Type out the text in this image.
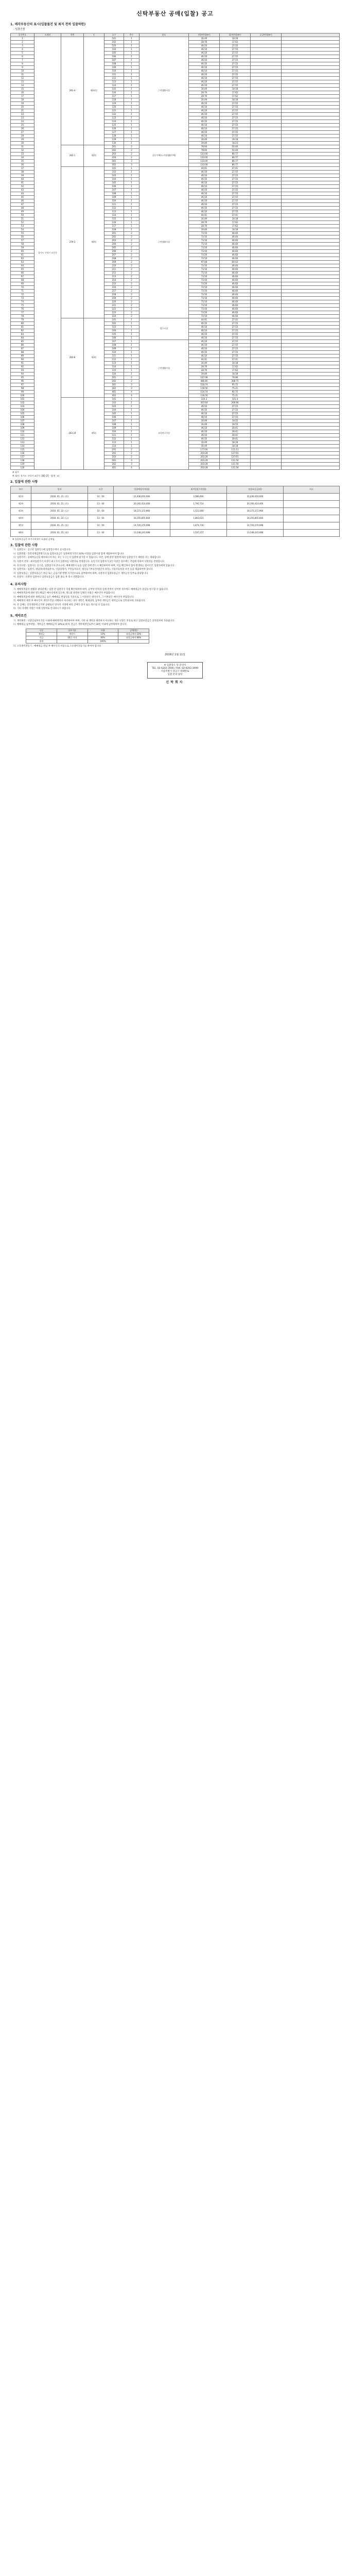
신탁부동산 공매(입찰) 공고
1. 매각부동산의 표시(입찰물건 및 최저 전차 입찰하한)
- 입찰건물
물건번호	소재지	지번	동	호수	층수	용도	전용면적(m²)	대지면적(m²)	공급면적(m²)	
1	경기도 구리시 교문동	281-4	제4외동	101	1	근린생활시설	30.49	18.18		
2				102	1		28.76	17.62		
3				103	1		46.50	27.55		
4				104	1		46.50	27.55		
5				105	1		46.50	27.55		
6				106	1		46.50	27.55		
7				107	1		46.50	27.55		
8				108	1		46.50	27.55		
9				109	1		46.50	27.55		
10				110	1		46.50	27.55		
11				111	1		46.50	27.55		
12				112	1		46.50	27.55		
13				113	1		46.50	27.55		
14				114	1		46.50	27.55		
15				115	1		30.49	18.18		
16				116	1		28.76	17.62		
17				117	1		28.76	17.62		
18				118	1		30.49	18.18		
19				119	1		46.50	27.55		
20				120	1		46.50	27.55		
21				121	1		46.50	27.55		
22				122	1		46.50	27.55		
23				123	1		46.50	27.55		
24				124	1		46.50	27.55		
25				125	1		46.50	27.55		
26				126	1		46.50	27.55		
27				127	1		46.50	27.55		
28				128	1		46.50	27.55		
29				129	1		30.49	18.18		
30				130	1		30.49	18.23		
31		282-1	제2동	201	2	공동주택(도시형생활주택)	78.00	50.40		
32				202	2		78.00	50.40		
33				203	2		133.00	86.77		
34				204	2		133.00	86.77		
35				301	3		133.00	86.77		
36				302	3		133.00	86.77		
37		279-3	제4동	101	1	근린생활시설	44.91	27.01		
38				102	1		46.50	27.55		
39				103	1		46.50	27.55		
40				104	1		46.50	27.55		
41				105	1		46.50	27.55		
42				106	1		46.50	27.55		
43				107	1		46.50	27.55		
44				108	1		46.50	27.55		
45				109	1		46.50	27.55		
46				110	1		46.50	27.55		
47				111	1		46.50	27.55		
48				112	1		46.50	27.55		
49				113	1		46.50	27.55		
50				114	1		44.91	27.01		
51				115	1		30.49	18.18		
52				116	1		28.76	17.62		
53				117	1		28.76	17.62		
54				118	1		30.49	18.18		
55				201	2		73.50	46.60		
56				202	2		73.50	46.60		
57				203	2		73.50	46.60		
58				204	2		73.50	46.60		
59				205	2		73.50	46.60		
60				206	2		73.50	46.60		
61				207	2		73.50	46.60		
62				208	2		73.50	46.60		
63				209	2		97.08	60.02		
64				210	2		73.50	46.60		
65				211	2		73.50	46.60		
66				212	2		73.50	46.60		
67				213	2		73.50	46.60		
68				214	2		73.50	46.60		
69				215	2		73.50	46.60		
70				216	2		73.50	46.60		
71				217	2		73.50	46.60		
72				218	2		73.50	46.60		
73				219	2		73.50	46.60		
74				220	2		73.50	46.60		
75				221	2		73.50	46.60		
76				222	2		73.50	46.60		
77				223	2		73.50	46.60		
78				224	2		73.50	46.60		
79		283-8	제3동	101	1	업무시설	44.91	27.01		
80				102	1		46.50	27.55		
81				103	1		46.50	27.55		
82				104	1		46.50	27.55		
83				105	1		46.50	27.55		
84				106	1		46.50	27.55		
85				107	1	근린생활시설	46.50	27.55		
86				108	1		46.50	27.55		
87				109	1		46.50	27.55		
88				110	1		46.50	27.55		
89				111	1		46.50	27.55		
90				112	1		44.91	27.01		
91				113	1		30.49	18.18		
92				114	1		28.76	17.62		
93				115	1		28.76	17.62		
94				116	1		30.49	18.18		
95				201	2		127.08	78.86		
96				202	2		486.85	308.75		
97				301	3		150.74	95.75		
98				302	3		118.56	75.21		
99				401	4		150.74	95.75		
100				402	4		118.56	75.21		
101		283-24	제5동	101	1	교육연구시설	220.3	141.4		
102				102	1		307.64	206.96		
103				103	1		46.50	27.55		
104				104	1		46.50	27.55		
105				105	1		46.50	27.55		
106				106	1		46.50	27.55		
107				107	1		30.49	18.55		
108				108	1		30.49	18.55		
109				109	1		46.50	28.41		
110				110	1		46.50	28.41		
111				111	1		46.50	28.41		
112				112	1		46.50	28.41		
113				113	1		30.49	18.18		
114				114	1		30.49	18.18		
115				201	2		177.00	111.11		
116				202	2		203.28	127.61		
117				203	2		203.28	127.61		
118				301	3		203.28	131.50		
119				302	3		203.28	131.50		
120				401	4		203.28	131.50		
※ 평가
※ 대지: 경기도 구리시 교문동 282-21 · 합계 : ㎡
2. 입찰에 관한 사항
차수	일자	시간	입찰예정가격(원)	최저입찰가격(원)	입찰보증금(원)	비고
제1차	2016. 01. 21. (목)	10 : 00	22,436,016,000	2,089,400	22,436,016,000	
제2차	2016. 01. 21. (목)	13 : 00	20,192,414,400	1,792,714	20,192,414,400	
제3차	2016. 01. 22. (금)	10 : 00	18,173,172,960	1,522,000	18,173,172,960	
제4차	2016. 01. 22. (금)	13 : 00	16,355,855,664	1,863,021	16,355,855,664	
제5차	2016. 01. 25. (월)	10 : 00	14,720,270,098	1,674,730	14,720,270,098	
제6차	2016. 01. 25. (월)	13 : 00	13,248,243,088	1,507,257	13,248,243,088	
※ 입찰보증금은 부가가치세가 포함된 금액임.
3. 입찰에 관한 사항

가. 입찰일시 : 공고된 입찰일시에 입찰장소에서 실시합니다.

나. 입찰방법 : 일반경쟁입찰방식으로 입찰보증금은 입찰예정가격의 10% 이상을 입찰서와 함께 제출하여야 합니다.

다. 입찰자격 : 공매부동산을 매수하고자 하는 자는 누구든지 입찰에 참가할 수 있습니다. 다만, 공매 관련 법령에 따라 입찰참가가 제한된 자는 제외합니다.

라. 낙찰자 결정 : 최저입찰가격 이상의 최고가격 입찰자를 낙찰자로 결정합니다. 동일가격 입찰자가 2인 이상인 경우에는 추첨에 의하여 낙찰자를 결정합니다.

마. 유의사항 : 입찰자는 공고문, 입찰참가자 준수규칙, 매매계약서 등을 입찰 전에 반드시 확인하여야 하며, 이를 확인하지 않아 발생하는 불이익은 입찰자에게 있습니다.

바. 입찰서류 : 입찰서, 위임장(대리입찰시), 인감증명서, 주민등록등본, 법인등기부등본(법인의 경우), 사업자등록증 사본 등을 제출하여야 합니다.

사. 입찰보증금 : 입찰보증금은 현금 또는 금융기관 발행 자기앞수표로 납부하여야 하며, 낙찰자의 입찰보증금은 계약금의 일부로 충당합니다.

아. 유찰자 : 유찰된 입찰자의 입찰보증금은 입찰 종료 후 즉시 반환합니다.

4. 유의사항

가. 매매목적물의 현황과 권리관계는 입찰 전 입찰자가 직접 확인하여야 하며, 공부상 면적과 실제 면적이 상이한 경우에도 매매대금의 증감을 청구할 수 없습니다.

나. 매매목적물에 대한 명도책임은 매수인에게 있으며, 명도와 관련한 일체의 비용은 매수인이 부담합니다.

다. 매매목적물에 대한 제세공과금 등은 매매대금 완납일을 기준으로 그 이전분은 위탁자가, 그 이후분은 매수인이 부담합니다.

라. 매매계약 체결 후 매수인이 계약조건을 이행하지 아니하는 경우 계약은 해제되며, 납부한 계약금은 위약금으로 신탁회사에 귀속됩니다.

마. 본 공매는 신탁계약에 근거한 공매로서 당사의 사정에 따라 공매가 중지 또는 취소될 수 있습니다.

바. 기타 자세한 사항은 아래 연락처로 문의하시기 바랍니다.

5. 계약조건

가. 계약체결 : 낙찰일로부터 5일 이내에 매매계약을 체결하여야 하며, 기한 내 계약을 체결하지 아니하는 경우 낙찰은 무효로 하고 입찰보증금은 신탁회사에 귀속됩니다.

나. 매매대금 납부방법 : 계약금은 매매대금의 10%로 하며, 잔금은 계약체결일로부터 30일 이내에 납부하여야 합니다.

구분	납부기한	비율	금액(원)
계약금	계약시	10%	낙찰금액의 10%
잔금	30일 이내	90%	낙찰금액의 90%
합계		100%	
다. 소유권이전등기 : 매매대금 완납 후 매수인의 비용으로 소유권이전등기를 하여야 합니다.
2016년 1월 11일
※ 입찰장소 및 문의처
TEL. 02-6202-3000 / FAX. 02-6202-3099
서울특별시 강남구 테헤란로
입찰 문의 담당
신탁회사
